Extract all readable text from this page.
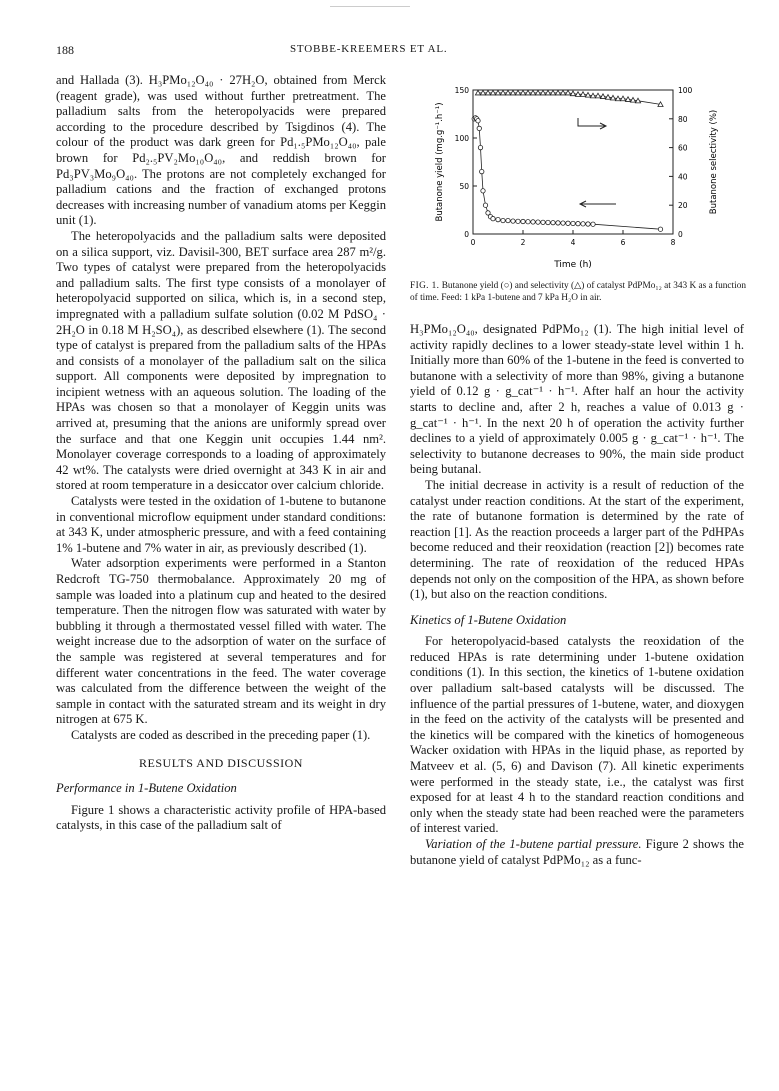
188	STOBBE-KREEMERS ET AL.

and Hallada (3). H₃PMo₁₂O₄₀ · 27H₂O, obtained from Merck (reagent grade), was used without further pretreatment. The palladium salts from the heteropolyacids were prepared according to the procedure described by Tsigdinos (4). The colour of the product was dark green for Pd₁.₅PMo₁₂O₄₀, pale brown for Pd₂.₅PV₂Mo₁₀O₄₀, and reddish brown for Pd₃PV₃Mo₉O₄₀. The protons are not completely exchanged for palladium cations and the fraction of exchanged protons decreases with increasing number of vanadium atoms per Keggin unit (1).

The heteropolyacids and the palladium salts were deposited on a silica support, viz. Davisil-300, BET surface area 287 m²/g. Two types of catalyst were prepared from the heteropolyacids and palladium salts. The first type consists of a monolayer of heteropolyacid supported on silica, which is, in a second step, impregnated with a palladium sulfate solution (0.02 M PdSO₄ · 2H₂O in 0.18 M H₂SO₄), as described elsewhere (1). The second type of catalyst is prepared from the palladium salts of the HPAs and consists of a monolayer of the palladium salt on the silica support. All components were deposited by impregnation to incipient wetness with an aqueous solution. The loading of the HPAs was chosen so that a monolayer of Keggin units was arrived at, presuming that the anions are uniformly spread over the surface and that one Keggin unit occupies 1.44 nm². Monolayer coverage corresponds to a loading of approximately 42 wt%. The catalysts were dried overnight at 343 K in air and stored at room temperature in a desiccator over calcium chloride.

Catalysts were tested in the oxidation of 1-butene to butanone in conventional microflow equipment under standard conditions: at 343 K, under atmospheric pressure, and with a feed containing 1% 1-butene and 7% water in air, as previously described (1).

Water adsorption experiments were performed in a Stanton Redcroft TG-750 thermobalance. Approximately 20 mg of sample was loaded into a platinum cup and heated to the desired temperature. Then the nitrogen flow was saturated with water by bubbling it through a thermostated vessel filled with water. The weight increase due to the adsorption of water on the surface of the sample was registered at several temperatures and for different water concentrations in the feed. The water coverage was calculated from the difference between the weight of the sample in contact with the saturated stream and its weight in dry nitrogen at 675 K.

Catalysts are coded as described in the preceding paper (1).

RESULTS AND DISCUSSION

Performance in 1-Butene Oxidation

Figure 1 shows a characteristic activity profile of HPA-based catalysts, in this case of the palladium salt of

0	2	4	6	8
0
50
100
150
0
20
40
60
80
100
Time (h)
Butanone yield (mg.g⁻¹.h⁻¹)	Butanone selectivity (%)
FIG. 1. Butanone yield (○) and selectivity (△) of catalyst PdPMo₁₂ at 343 K as a function of time. Feed: 1 kPa 1-butene and 7 kPa H₂O in air.

H₃PMo₁₂O₄₀, designated PdPMo₁₂ (1). The high initial level of activity rapidly declines to a lower steady-state level within 1 h. Initially more than 60% of the 1-butene in the feed is converted to butanone with a selectivity of more than 98%, giving a butanone yield of 0.12 g · g_cat⁻¹ · h⁻¹. After half an hour the activity starts to decline and, after 2 h, reaches a value of 0.013 g · g_cat⁻¹ · h⁻¹. In the next 20 h of operation the activity further declines to a yield of approximately 0.005 g · g_cat⁻¹ · h⁻¹. The selectivity to butanone decreases to 90%, the main side product being butanal.

The initial decrease in activity is a result of reduction of the catalyst under reaction conditions. At the start of the experiment, the rate of butanone formation is determined by the rate of reaction [1]. As the reaction proceeds a larger part of the PdHPAs become reduced and their reoxidation (reaction [2]) becomes rate determining. The rate of reoxidation of the reduced HPAs depends not only on the composition of the HPA, as shown before (1), but also on the reaction conditions.

Kinetics of 1-Butene Oxidation

For heteropolyacid-based catalysts the reoxidation of the reduced HPAs is rate determining under 1-butene oxidation conditions (1). In this section, the kinetics of 1-butene oxidation over palladium salt-based catalysts will be discussed. The influence of the partial pressures of 1-butene, water, and dioxygen in the feed on the activity of the catalysts will be presented and the kinetics will be compared with the kinetics of homogeneous Wacker oxidation with HPAs in the liquid phase, as reported by Matveev et al. (5, 6) and Davison (7). All kinetic experiments were performed in the steady state, i.e., the catalyst was first exposed for at least 4 h to the standard reaction conditions and only when the steady state had been reached were the parameters of interest varied.

Variation of the 1-butene partial pressure. Figure 2 shows the butanone yield of catalyst PdPMo₁₂ as a func-
